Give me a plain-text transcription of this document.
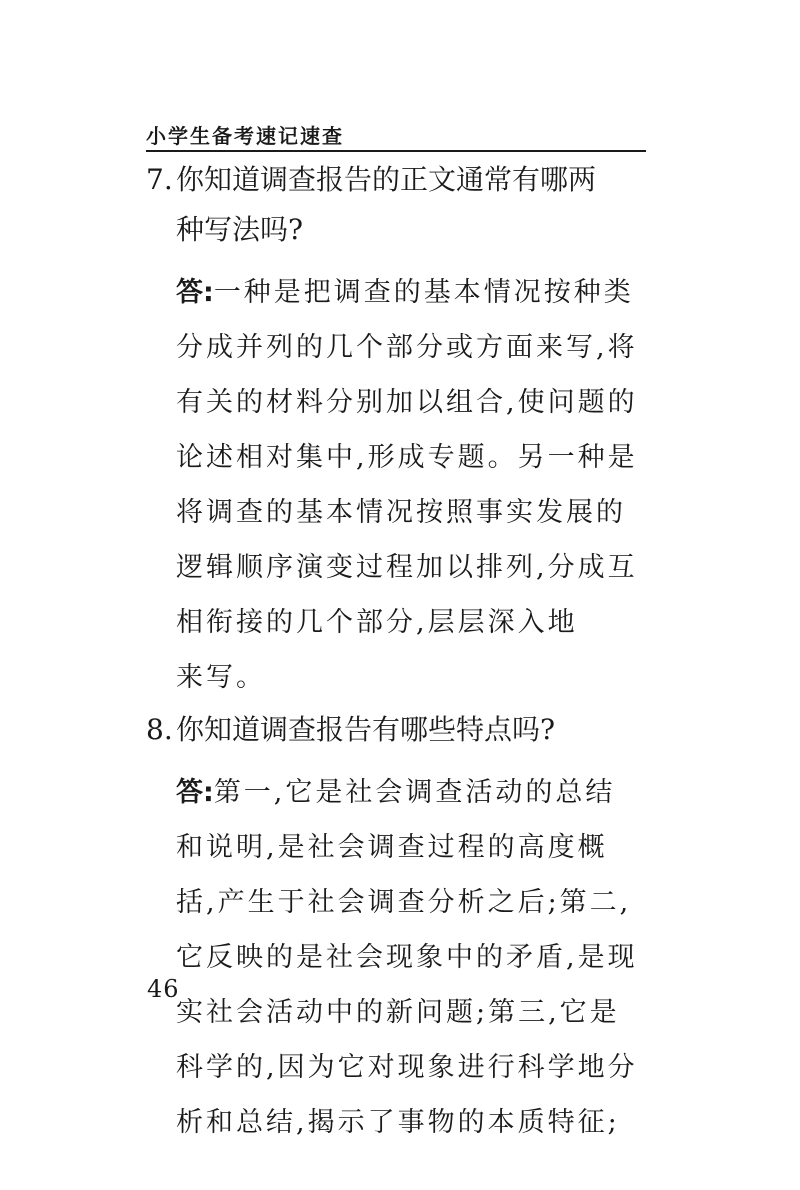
小学生备考速记速查
7. 你知道调查报告的正文通常有哪两
种写法吗?
答:一种是把调查的基本情况按种类
分成并列的几个部分或方面来写,将
有关的材料分别加以组合,使问题的
论述相对集中,形成专题。另一种是
将调查的基本情况按照事实发展的
逻辑顺序演变过程加以排列,分成互
相衔接的几个部分,层层深入地
来写。
8. 你知道调查报告有哪些特点吗?
答:第一,它是社会调查活动的总结
和说明,是社会调查过程的高度概
括,产生于社会调查分析之后;第二,
它反映的是社会现象中的矛盾,是现
实社会活动中的新问题;第三,它是
科学的,因为它对现象进行科学地分
析和总结,揭示了事物的本质特征;
46
